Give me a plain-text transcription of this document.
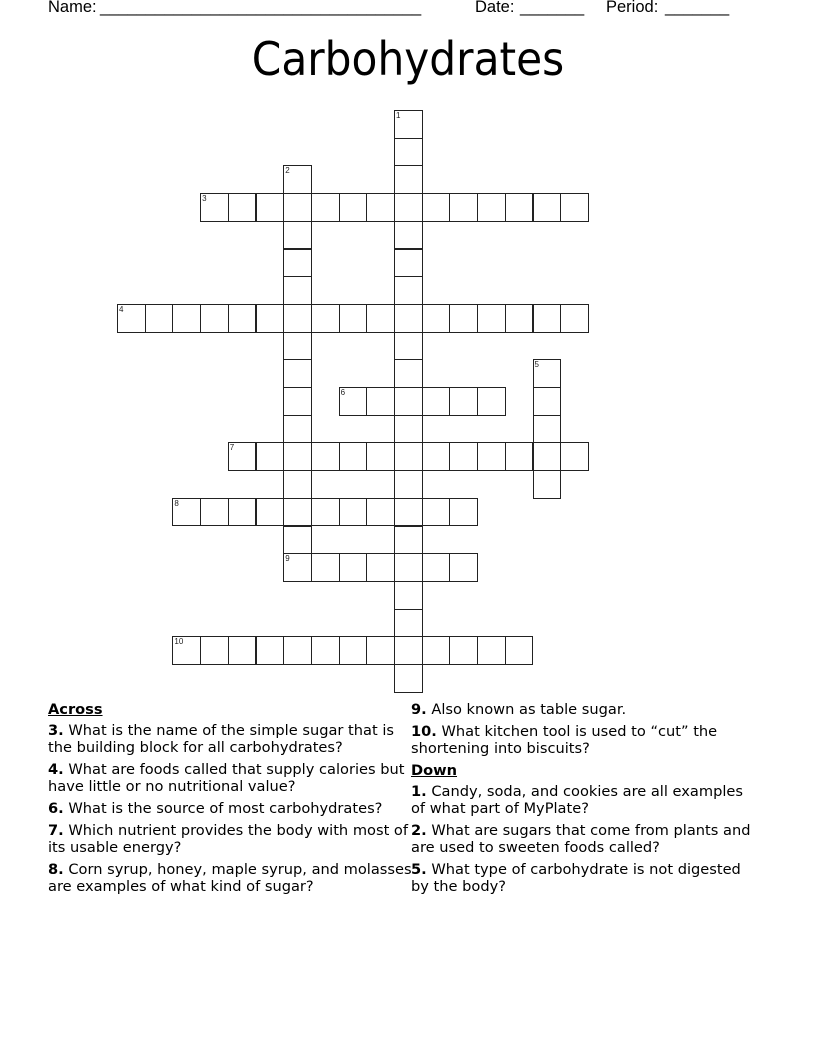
Name:

___________________________________

	Date:

_______

Period:

_______

Carbohydrates
1
2
9
3
4
5
6
7
8
10
Across
3. What is the name of the simple sugar that is the building block for all carbohydrates?
4. What are foods called that supply calories but have little or no nutritional value?
6. What is the source of most carbohydrates?
7. Which nutrient provides the body with most of its usable energy?
8. Corn syrup, honey, maple syrup, and molasses are examples of what kind of sugar?
9. Also known as table sugar.
10. What kitchen tool is used to “cut” the shortening into biscuits?
Down
1. Candy, soda, and cookies are all examples of what part of MyPlate?
2. What are sugars that come from plants and are used to sweeten foods called?
5. What type of carbohydrate is not digested by the body?
